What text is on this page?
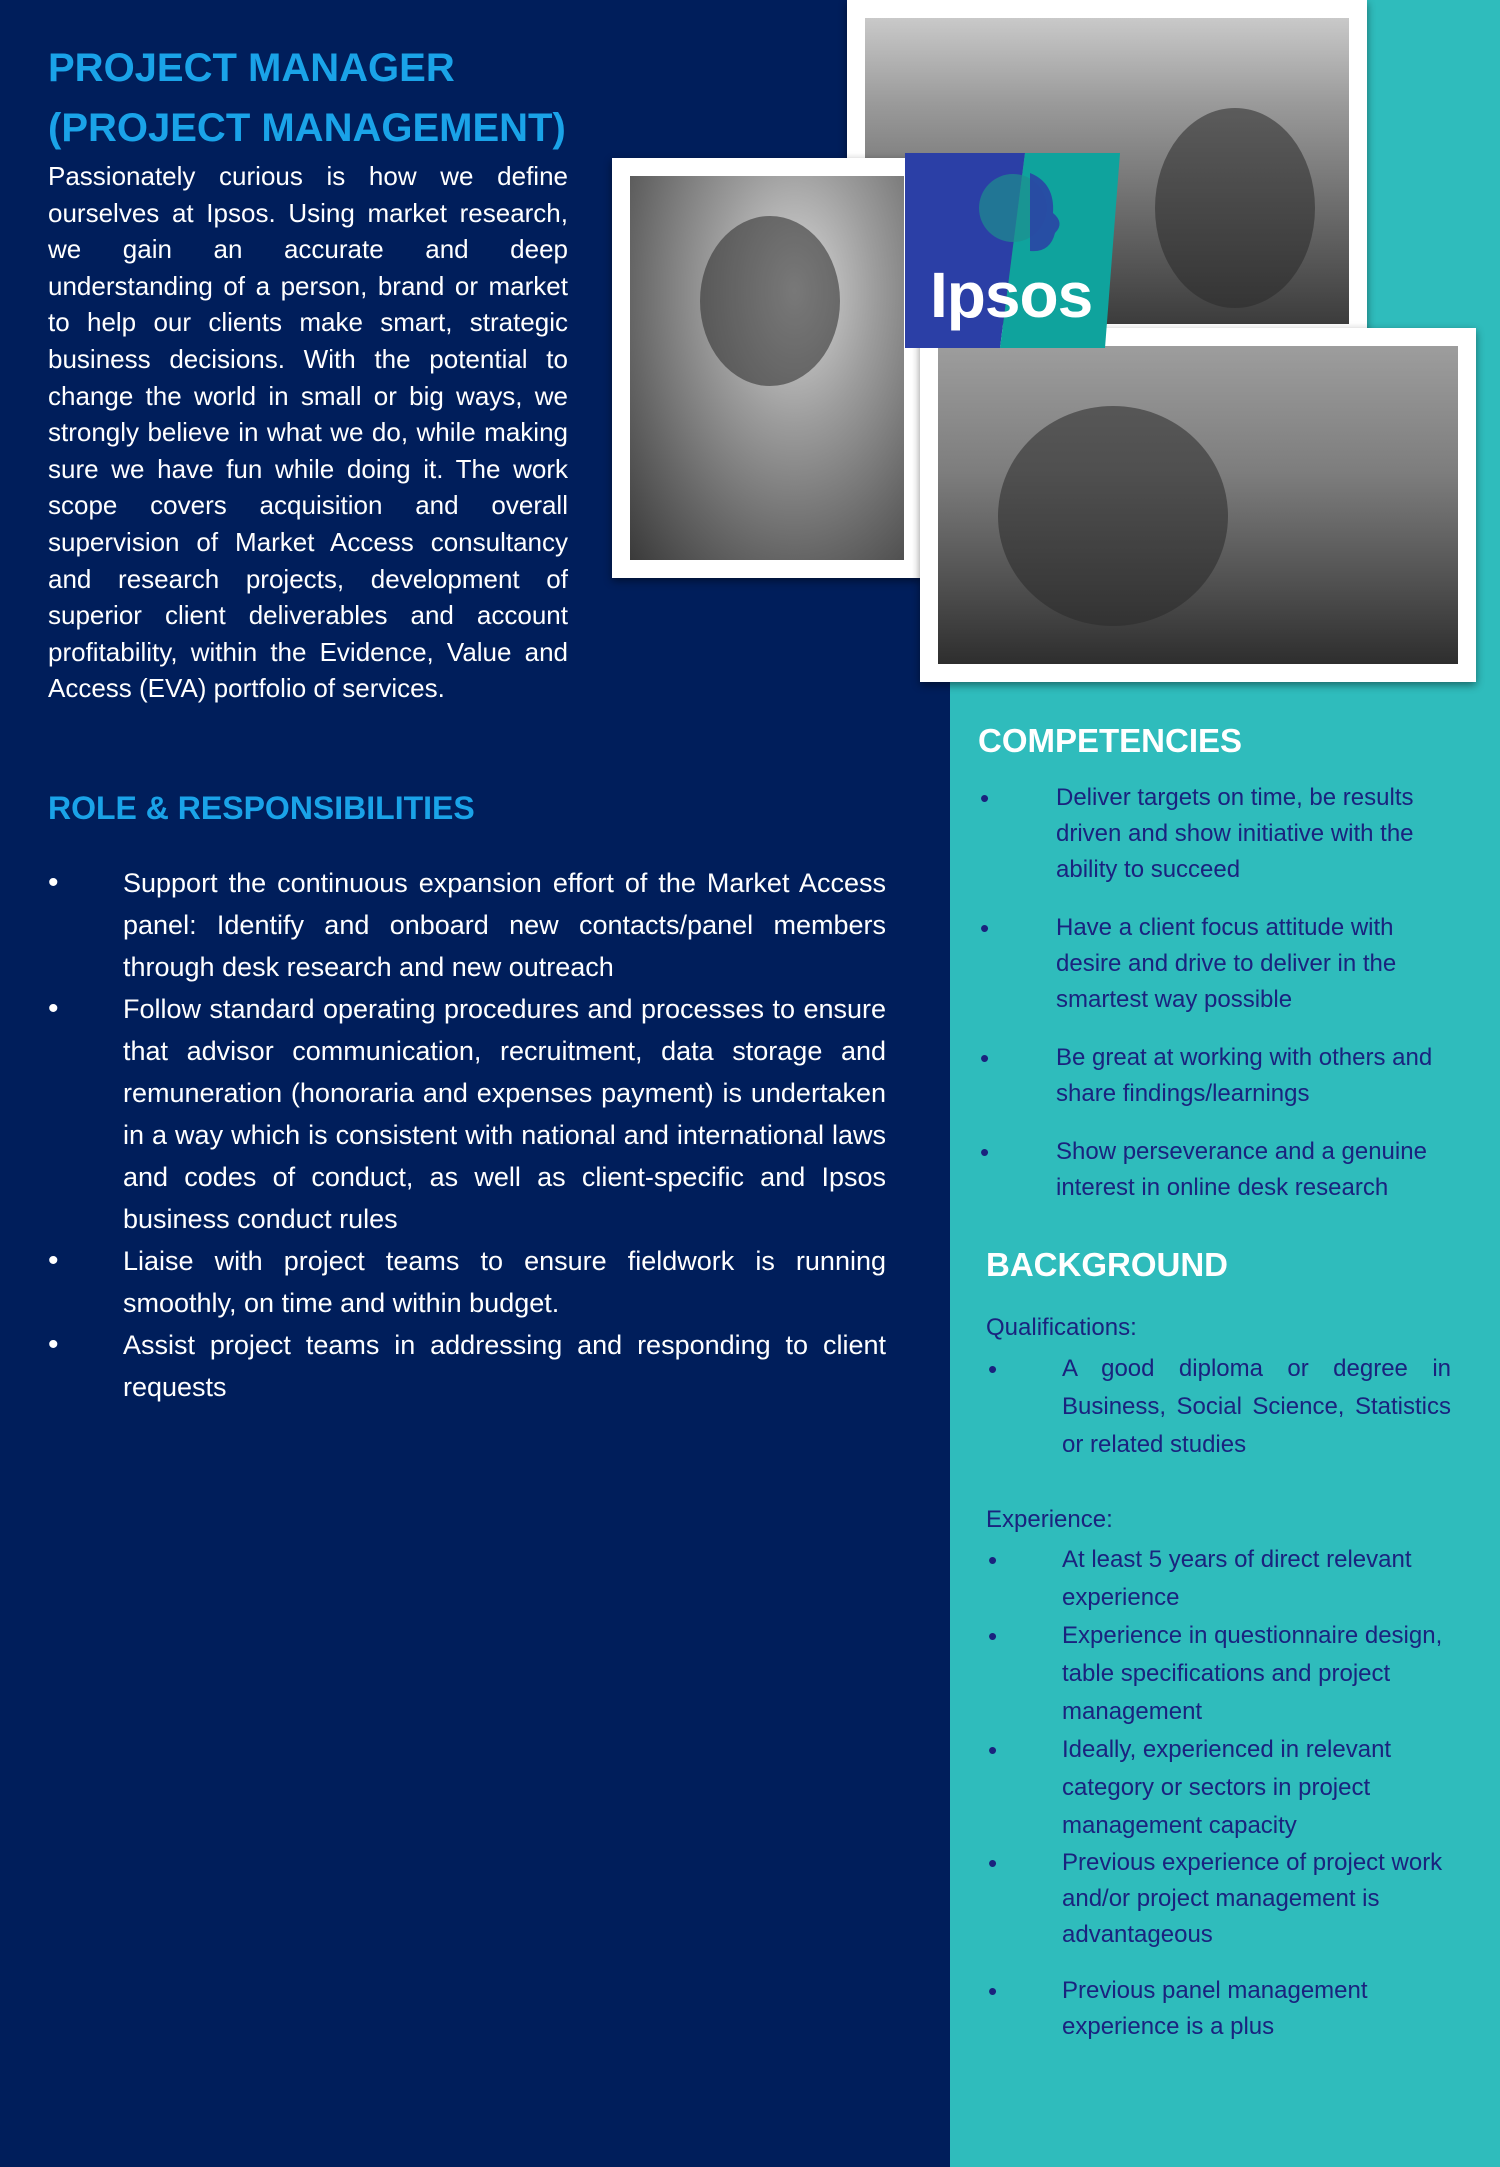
PROJECT MANAGER
(PROJECT MANAGEMENT)

Passionately curious is how we define ourselves at Ipsos. Using market research, we gain an accurate and deep understanding of a person, brand or market to help our clients make smart, strategic business decisions. With the potential to change the world in small or big ways, we strongly believe in what we do, while making sure we have fun while doing it. The work scope covers acquisition and overall supervision of Market Access consultancy and research projects, development of superior client deliverables and account profitability, within the Evidence, Value and Access (EVA) portfolio of services.

ROLE & RESPONSIBILITIES
• Support the continuous expansion effort of the Market Access panel: Identify and onboard new contacts/panel members through desk research and new outreach
• Follow standard operating procedures and processes to ensure that advisor communication, recruitment, data storage and remuneration (honoraria and expenses payment) is undertaken in a way which is consistent with national and international laws and codes of conduct, as well as client-specific and Ipsos business conduct rules
• Liaise with project teams to ensure fieldwork is running smoothly, on time and within budget.
• Assist project teams in addressing and responding to client requests
Ipsos
COMPETENCIES
• Deliver targets on time, be results driven and show initiative with the ability to succeed
• Have a client focus attitude with desire and drive to deliver in the smartest way possible
• Be great at working with others and share findings/learnings
• Show perseverance and a genuine interest in online desk research
BACKGROUND

Qualifications:

• A good diploma or degree in Business, Social Science, Statistics or related studies

Experience:

• At least 5 years of direct relevant experience
• Experience in questionnaire design, table specifications and project management
• Ideally, experienced in relevant category or sectors in project management capacity
• Previous experience of project work and/or project management is advantageous
• Previous panel management experience is a plus
